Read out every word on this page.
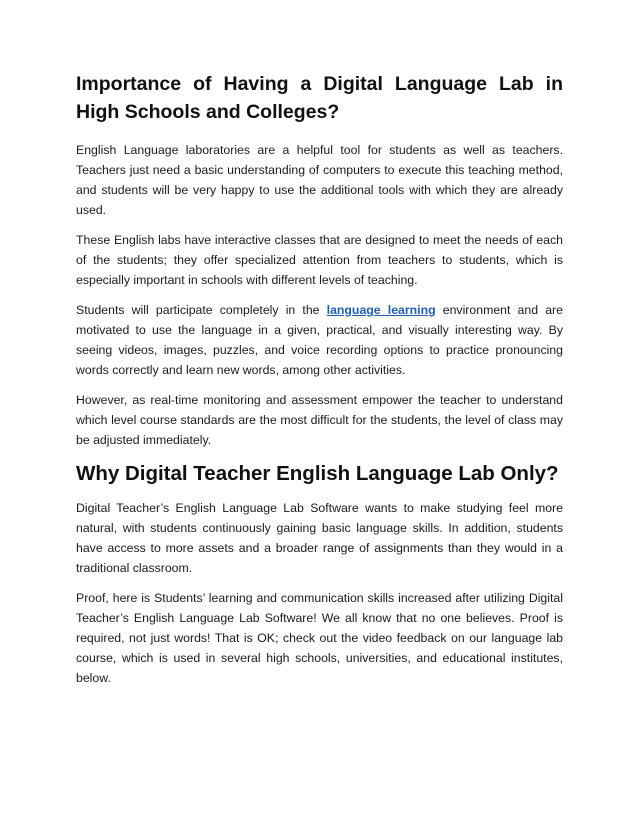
Importance of Having a Digital Language Lab in High Schools and Colleges?

English Language laboratories are a helpful tool for students as well as teachers. Teachers just need a basic understanding of computers to execute this teaching method, and students will be very happy to use the additional tools with which they are already used.

These English labs have interactive classes that are designed to meet the needs of each of the students; they offer specialized attention from teachers to students, which is especially important in schools with different levels of teaching.

Students will participate completely in the language learning environment and are motivated to use the language in a given, practical, and visually interesting way. By seeing videos, images, puzzles, and voice recording options to practice pronouncing words correctly and learn new words, among other activities.

However, as real-time monitoring and assessment empower the teacher to understand which level course standards are the most difficult for the students, the level of class may be adjusted immediately.

Why Digital Teacher English Language Lab Only?

Digital Teacher’s English Language Lab Software wants to make studying feel more natural, with students continuously gaining basic language skills. In addition, students have access to more assets and a broader range of assignments than they would in a traditional classroom.

Proof, here is Students’ learning and communication skills increased after utilizing Digital Teacher’s English Language Lab Software! We all know that no one believes. Proof is required, not just words! That is OK; check out the video feedback on our language lab course, which is used in several high schools, universities, and educational institutes, below.
